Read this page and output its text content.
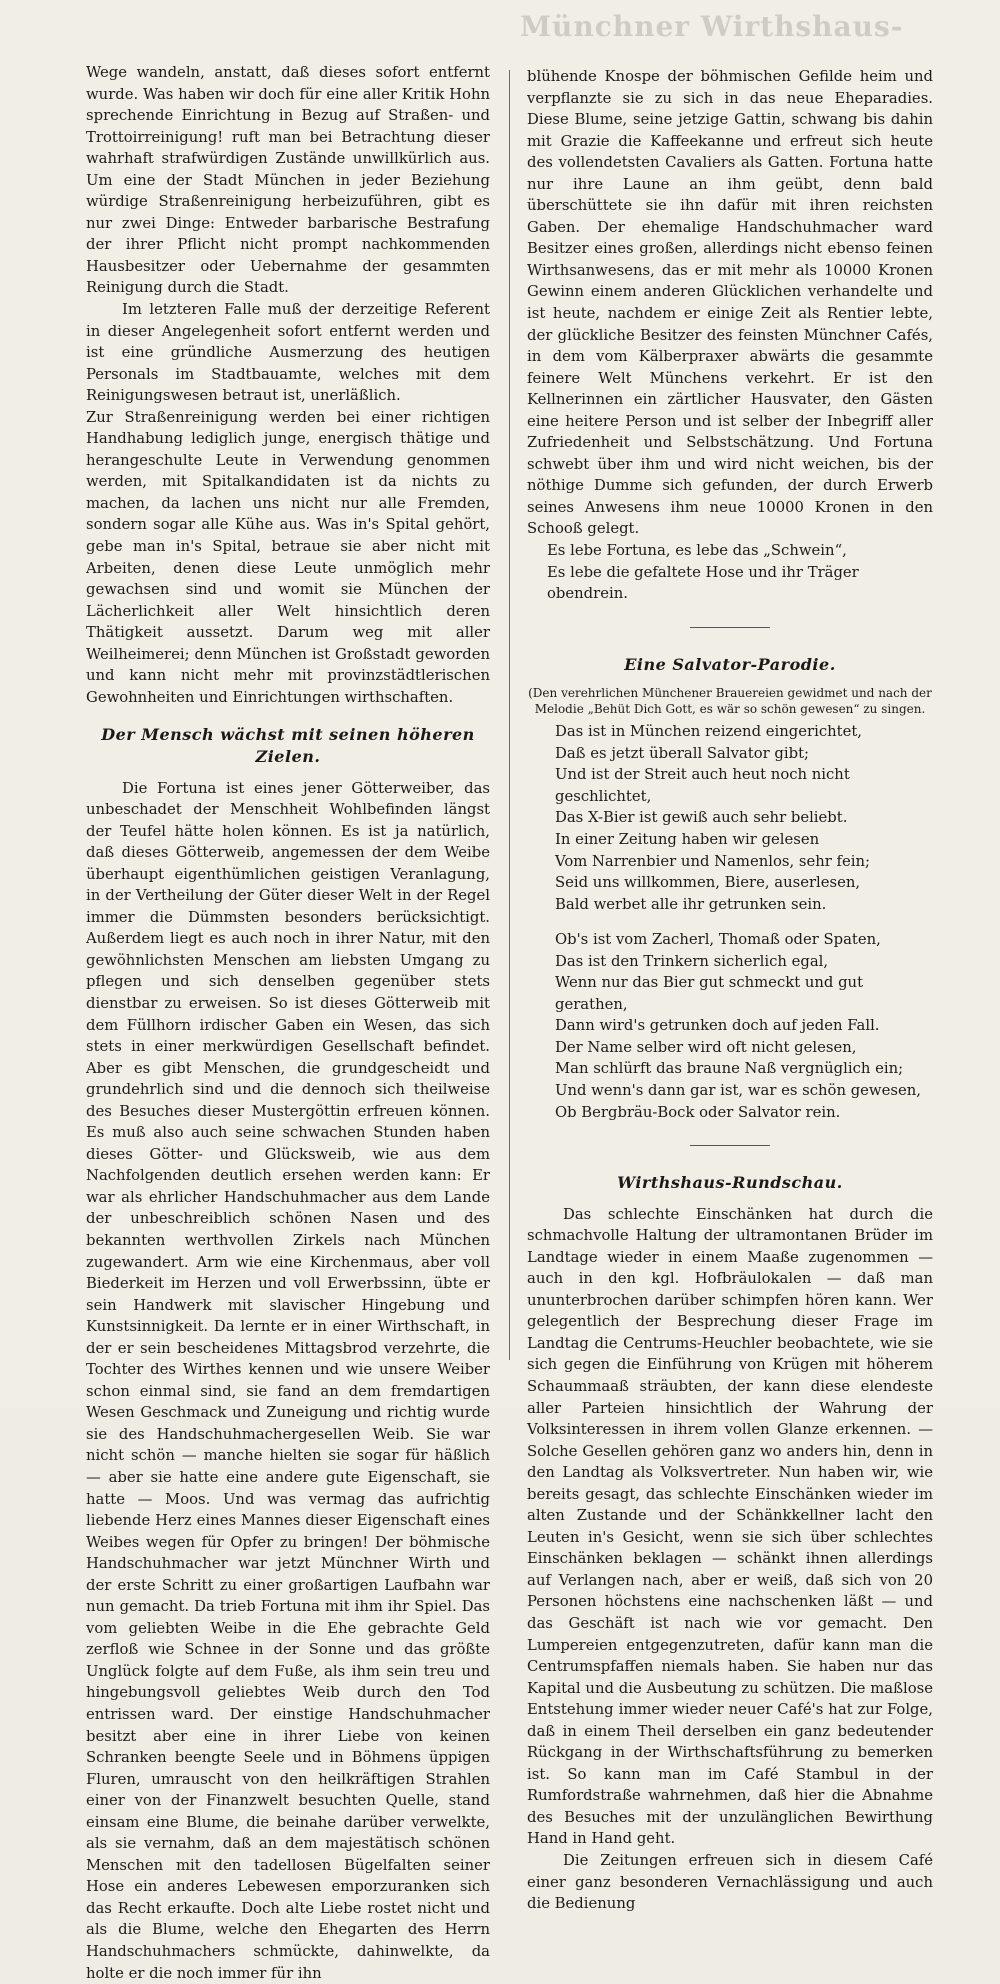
Münchner Wirthshaus-

Wege wandeln, anstatt, daß dieses sofort entfernt wurde. Was haben wir doch für eine aller Kritik Hohn sprechende Einrichtung in Bezug auf Straßen- und Trottoirreinigung! ruft man bei Betrachtung dieser wahrhaft strafwürdigen Zustände unwillkürlich aus. Um eine der Stadt München in jeder Beziehung würdige Straßenreinigung herbeizuführen, gibt es nur zwei Dinge: Entweder barbarische Bestrafung der ihrer Pflicht nicht prompt nachkommenden Hausbesitzer oder Uebernahme der gesammten Reinigung durch die Stadt.

Im letzteren Falle muß der derzeitige Referent in dieser Angelegenheit sofort entfernt werden und ist eine gründliche Ausmerzung des heutigen Personals im Stadtbauamte, welches mit dem Reinigungswesen betraut ist, unerläßlich.

Zur Straßenreinigung werden bei einer richtigen Handhabung lediglich junge, energisch thätige und herangeschulte Leute in Verwendung genommen werden, mit Spitalkandidaten ist da nichts zu machen, da lachen uns nicht nur alle Fremden, sondern sogar alle Kühe aus. Was in's Spital gehört, gebe man in's Spital, betraue sie aber nicht mit Arbeiten, denen diese Leute unmöglich mehr gewachsen sind und womit sie München der Lächerlichkeit aller Welt hinsichtlich deren Thätigkeit aussetzt. Darum weg mit aller Weilheimerei; denn München ist Großstadt geworden und kann nicht mehr mit provinzstädtlerischen Gewohnheiten und Einrichtungen wirthschaften.

Der Mensch wächst mit seinen höheren Zielen.

Die Fortuna ist eines jener Götterweiber, das unbeschadet der Menschheit Wohlbefinden längst der Teufel hätte holen können. Es ist ja natürlich, daß dieses Götterweib, angemessen der dem Weibe überhaupt eigenthümlichen geistigen Veranlagung, in der Vertheilung der Güter dieser Welt in der Regel immer die Dümmsten besonders berücksichtigt. Außerdem liegt es auch noch in ihrer Natur, mit den gewöhnlichsten Menschen am liebsten Umgang zu pflegen und sich denselben gegenüber stets dienstbar zu erweisen. So ist dieses Götterweib mit dem Füllhorn irdischer Gaben ein Wesen, das sich stets in einer merkwürdigen Gesellschaft befindet. Aber es gibt Menschen, die grundgescheidt und grundehrlich sind und die dennoch sich theilweise des Besuches dieser Mustergöttin erfreuen können. Es muß also auch seine schwachen Stunden haben dieses Götter- und Glücksweib, wie aus dem Nachfolgenden deutlich ersehen werden kann: Er war als ehrlicher Handschuhmacher aus dem Lande der unbeschreiblich schönen Nasen und des bekannten werthvollen Zirkels nach München zugewandert. Arm wie eine Kirchenmaus, aber voll Biederkeit im Herzen und voll Erwerbssinn, übte er sein Handwerk mit slavischer Hingebung und Kunstsinnigkeit. Da lernte er in einer Wirthschaft, in der er sein bescheidenes Mittagsbrod verzehrte, die Tochter des Wirthes kennen und wie unsere Weiber schon einmal sind, sie fand an dem fremdartigen Wesen Geschmack und Zuneigung und richtig wurde sie des Handschuhmachergesellen Weib. Sie war nicht schön — manche hielten sie sogar für häßlich — aber sie hatte eine andere gute Eigenschaft, sie hatte — Moos. Und was vermag das aufrichtig liebende Herz eines Mannes dieser Eigenschaft eines Weibes wegen für Opfer zu bringen! Der böhmische Handschuhmacher war jetzt Münchner Wirth und der erste Schritt zu einer großartigen Laufbahn war nun gemacht. Da trieb Fortuna mit ihm ihr Spiel. Das vom geliebten Weibe in die Ehe gebrachte Geld zerfloß wie Schnee in der Sonne und das größte Unglück folgte auf dem Fuße, als ihm sein treu und hingebungsvoll geliebtes Weib durch den Tod entrissen ward. Der einstige Handschuhmacher besitzt aber eine in ihrer Liebe von keinen Schranken beengte Seele und in Böhmens üppigen Fluren, umrauscht von den heilkräftigen Strahlen einer von der Finanzwelt besuchten Quelle, stand einsam eine Blume, die beinahe darüber verwelkte, als sie vernahm, daß an dem majestätisch schönen Menschen mit den tadellosen Bügelfalten seiner Hose ein anderes Lebewesen emporzuranken sich das Recht erkaufte. Doch alte Liebe rostet nicht und als die Blume, welche den Ehegarten des Herrn Handschuhmachers schmückte, dahinwelkte, da holte er die noch immer für ihn

blühende Knospe der böhmischen Gefilde heim und verpflanzte sie zu sich in das neue Eheparadies. Diese Blume, seine jetzige Gattin, schwang bis dahin mit Grazie die Kaffeekanne und erfreut sich heute des vollendetsten Cavaliers als Gatten. Fortuna hatte nur ihre Laune an ihm geübt, denn bald überschüttete sie ihn dafür mit ihren reichsten Gaben. Der ehemalige Handschuhmacher ward Besitzer eines großen, allerdings nicht ebenso feinen Wirthsanwesens, das er mit mehr als 10000 Kronen Gewinn einem anderen Glücklichen verhandelte und ist heute, nachdem er einige Zeit als Rentier lebte, der glückliche Besitzer des feinsten Münchner Cafés, in dem vom Kälberpraxer abwärts die gesammte feinere Welt Münchens verkehrt. Er ist den Kellnerinnen ein zärtlicher Hausvater, den Gästen eine heitere Person und ist selber der Inbegriff aller Zufriedenheit und Selbstschätzung. Und Fortuna schwebt über ihm und wird nicht weichen, bis der nöthige Dumme sich gefunden, der durch Erwerb seines Anwesens ihm neue 10000 Kronen in den Schooß gelegt.

Es lebe Fortuna, es lebe das „Schwein“,

Es lebe die gefaltete Hose und ihr Träger obendrein.

Eine Salvator-Parodie.
(Den verehrlichen Münchener Brauereien gewidmet und nach der Melodie „Behüt Dich Gott, es wär so schön gewesen“ zu singen.

Das ist in München reizend eingerichtet,

Daß es jetzt überall Salvator gibt;

Und ist der Streit auch heut noch nicht geschlichtet,

Das X-Bier ist gewiß auch sehr beliebt.

In einer Zeitung haben wir gelesen

Vom Narrenbier und Namenlos, sehr fein;

Seid uns willkommen, Biere, auserlesen,

Bald werbet alle ihr getrunken sein.

Ob's ist vom Zacherl, Thomaß oder Spaten,

Das ist den Trinkern sicherlich egal,

Wenn nur das Bier gut schmeckt und gut gerathen,

Dann wird's getrunken doch auf jeden Fall.

Der Name selber wird oft nicht gelesen,

Man schlürft das braune Naß vergnüglich ein;

Und wenn's dann gar ist, war es schön gewesen,

Ob Bergbräu-Bock oder Salvator rein.

Wirthshaus-Rundschau.

Das schlechte Einschänken hat durch die schmachvolle Haltung der ultramontanen Brüder im Landtage wieder in einem Maaße zugenommen — auch in den kgl. Hofbräulokalen — daß man ununterbrochen darüber schimpfen hören kann. Wer gelegentlich der Besprechung dieser Frage im Landtag die Centrums-Heuchler beobachtete, wie sie sich gegen die Einführung von Krügen mit höherem Schaummaaß sträubten, der kann diese elendeste aller Parteien hinsichtlich der Wahrung der Volksinteressen in ihrem vollen Glanze erkennen. — Solche Gesellen gehören ganz wo anders hin, denn in den Landtag als Volksvertreter. Nun haben wir, wie bereits gesagt, das schlechte Einschänken wieder im alten Zustande und der Schänkkellner lacht den Leuten in's Gesicht, wenn sie sich über schlechtes Einschänken beklagen — schänkt ihnen allerdings auf Verlangen nach, aber er weiß, daß sich von 20 Personen höchstens eine nachschenken läßt — und das Geschäft ist nach wie vor gemacht. Den Lumpereien entgegenzutreten, dafür kann man die Centrumspfaffen niemals haben. Sie haben nur das Kapital und die Ausbeutung zu schützen. Die maßlose Entstehung immer wieder neuer Café's hat zur Folge, daß in einem Theil derselben ein ganz bedeutender Rückgang in der Wirthschaftsführung zu bemerken ist. So kann man im Café Stambul in der Rumfordstraße wahrnehmen, daß hier die Abnahme des Besuches mit der unzulänglichen Bewirthung Hand in Hand geht.

Die Zeitungen erfreuen sich in diesem Café einer ganz besonderen Vernachlässigung und auch die Bedienung
